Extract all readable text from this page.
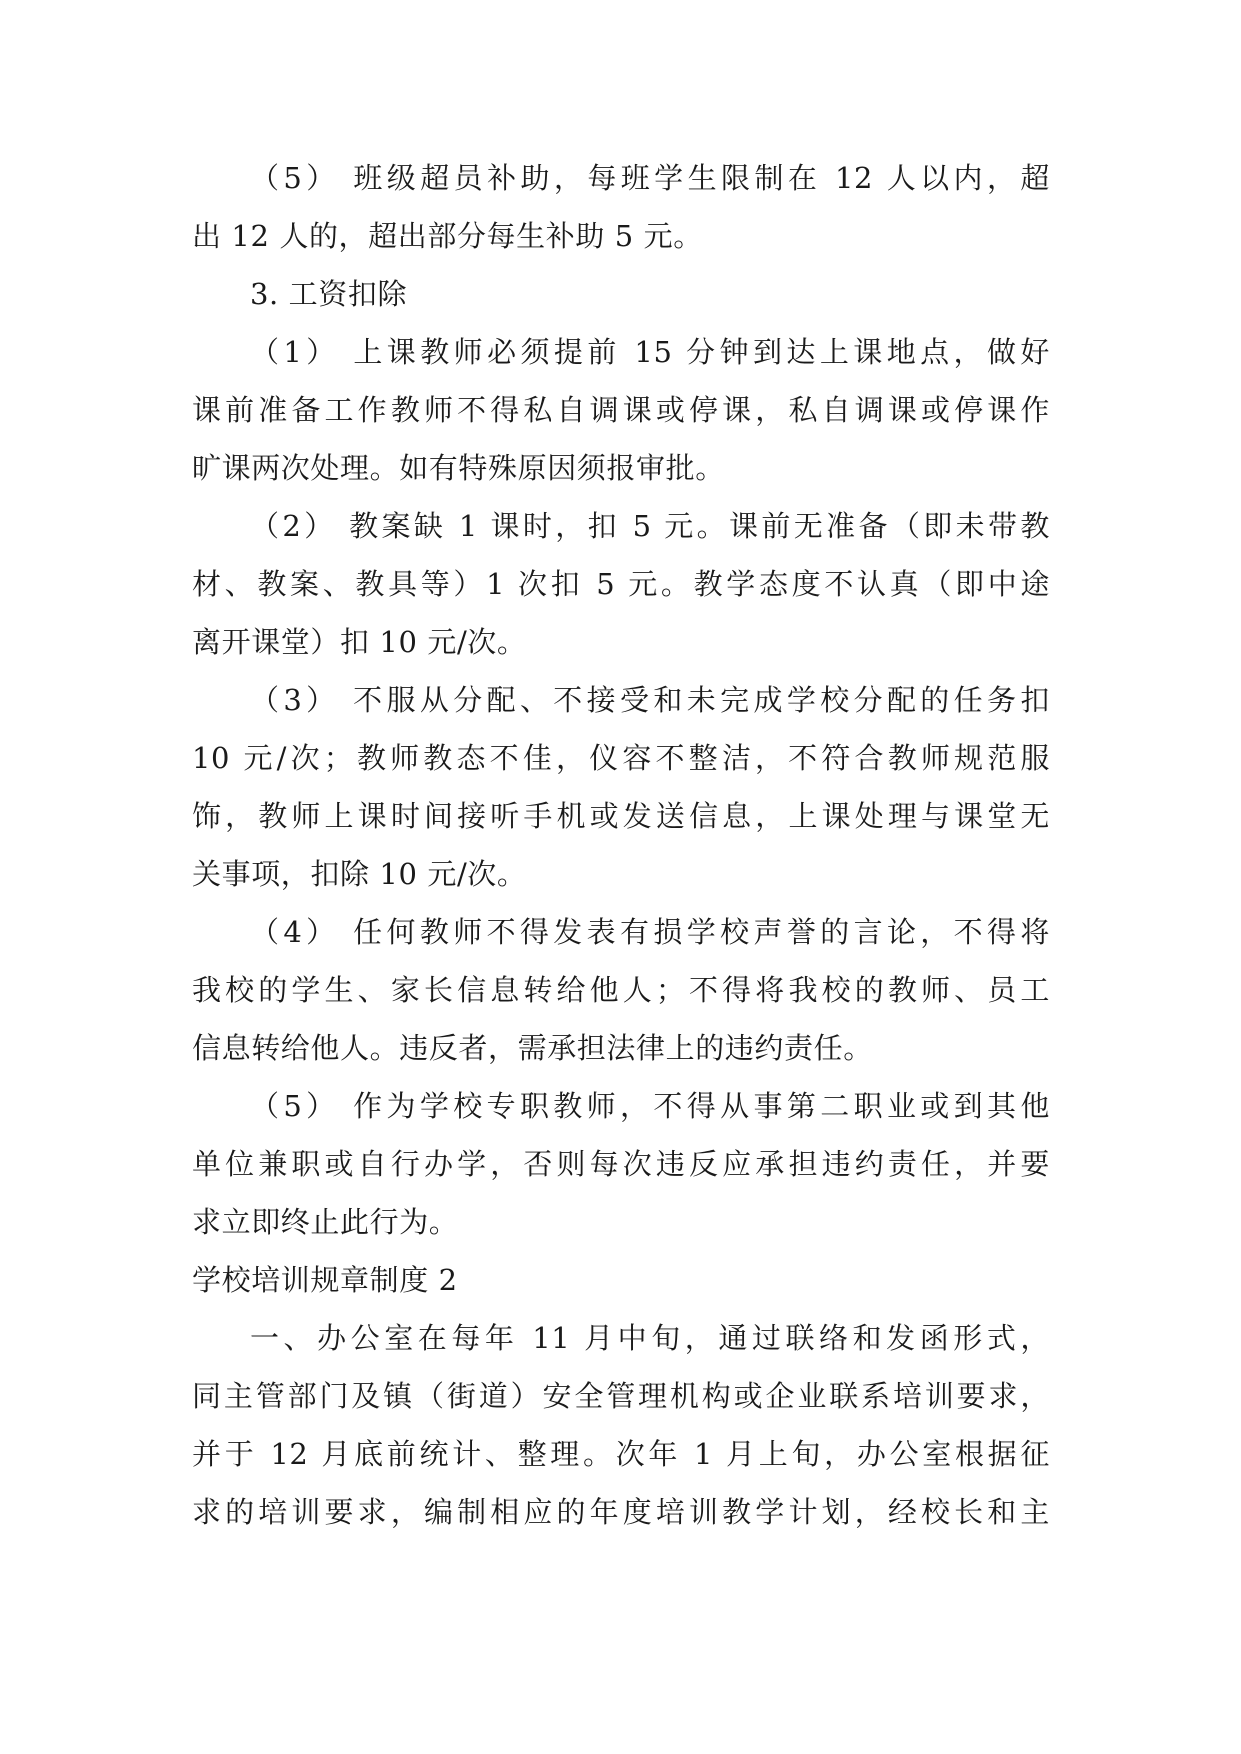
（5） 班级超员补助，每班学生限制在 12 人以内，超
出 12 人的，超出部分每生补助 5 元。
3. 工资扣除
（1） 上课教师必须提前 15 分钟到达上课地点，做好
课前准备工作教师不得私自调课或停课，私自调课或停课作
旷课两次处理。如有特殊原因须报审批。
（2） 教案缺 1 课时，扣 5 元。课前无准备（即未带教
材、教案、教具等）1 次扣 5 元。教学态度不认真（即中途
离开课堂）扣 10 元/次。
（3） 不服从分配、不接受和未完成学校分配的任务扣
10 元/次；教师教态不佳，仪容不整洁，不符合教师规范服
饰，教师上课时间接听手机或发送信息，上课处理与课堂无
关事项，扣除 10 元/次。
（4） 任何教师不得发表有损学校声誉的言论，不得将
我校的学生、家长信息转给他人；不得将我校的教师、员工
信息转给他人。违反者，需承担法律上的违约责任。
（5） 作为学校专职教师，不得从事第二职业或到其他
单位兼职或自行办学，否则每次违反应承担违约责任，并要
求立即终止此行为。
学校培训规章制度 2
一、办公室在每年 11 月中旬，通过联络和发函形式，
同主管部门及镇（街道）安全管理机构或企业联系培训要求，
并于 12 月底前统计、整理。次年 1 月上旬，办公室根据征
求的培训要求，编制相应的年度培训教学计划，经校长和主
